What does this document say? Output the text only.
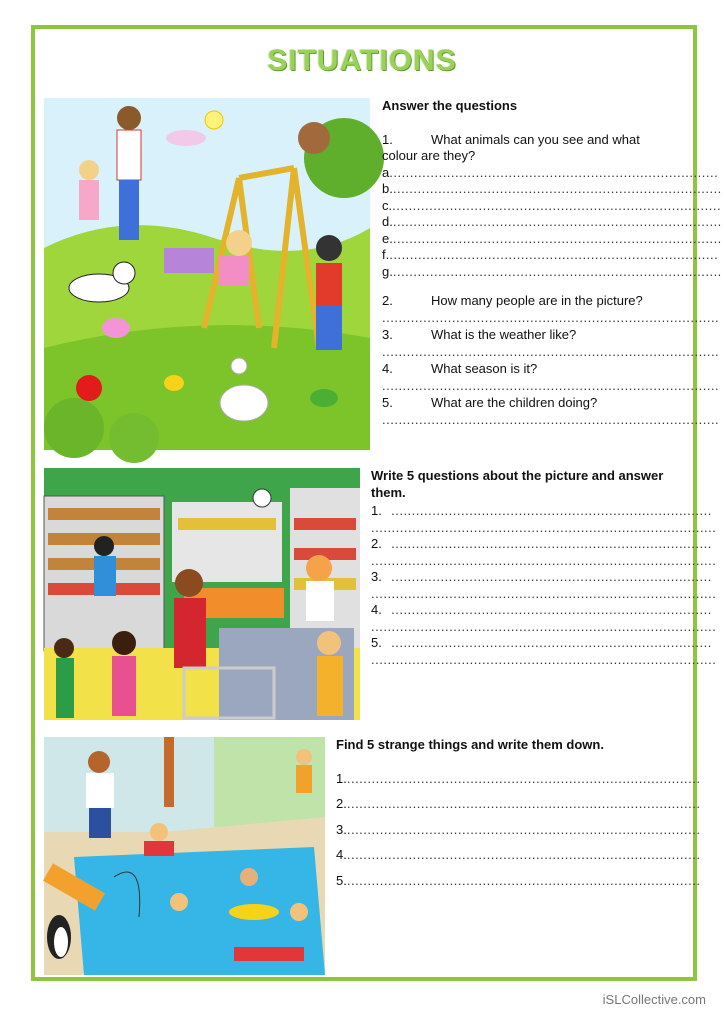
SITUATIONS
Answer the questions
1.	What animals can you see and what colour are they?
a................................................................................
b.................................................................................
c.................................................................................
d.................................................................................
e.................................................................................
f.................................................................................
g.................................................................................
2.	How many people are in the picture?
..................................................................................
3.	What is the weather like?
..................................................................................
4.	What season is it?
..................................................................................
5.	What are the children doing?
..................................................................................
Write 5 questions about the picture and answer them.
1. ..............................................................................
....................................................................................
2. ..............................................................................
....................................................................................
3. ..............................................................................
....................................................................................
4. ..............................................................................
....................................................................................
5. ..............................................................................
....................................................................................
Find 5 strange things and write them down.
1.......................................................................................
2.......................................................................................
3.......................................................................................
4.......................................................................................
5.......................................................................................
iSLCollective.com
